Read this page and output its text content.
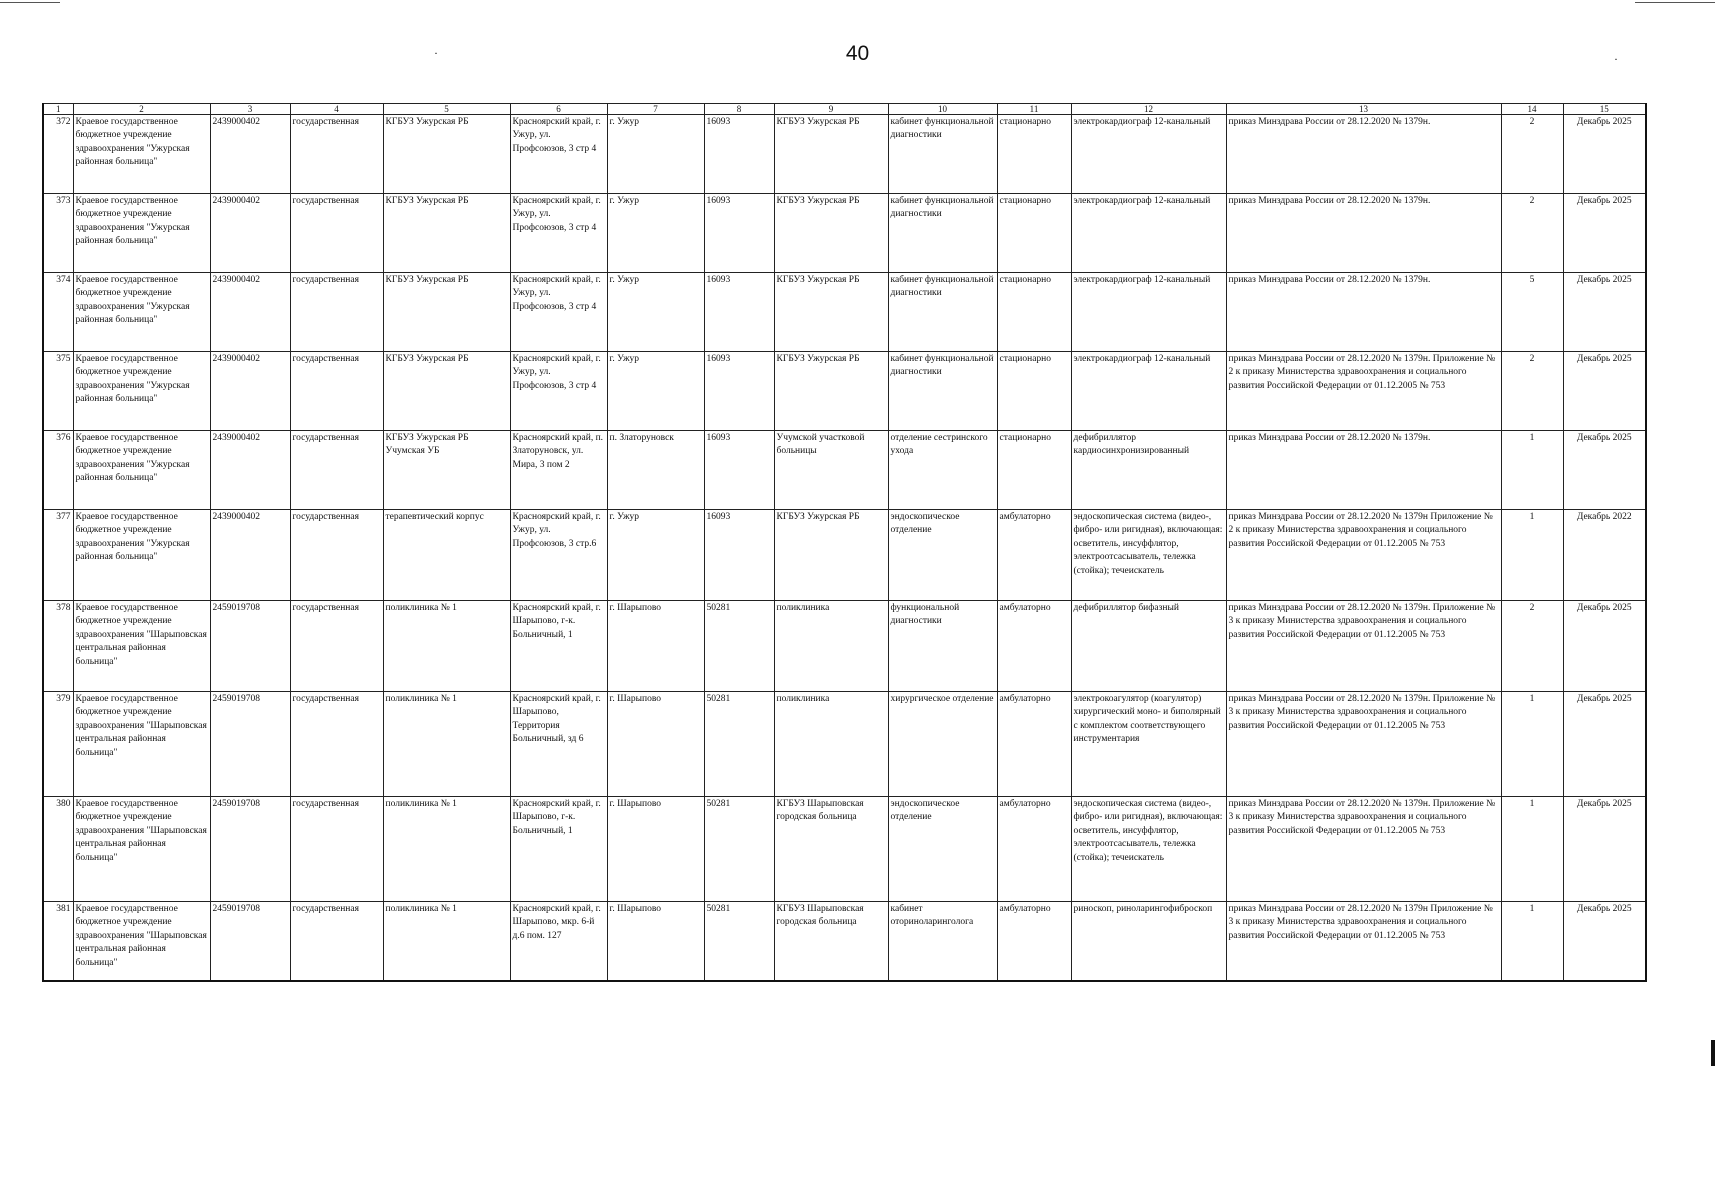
·	·
40
1	2	3	4	5	6	7	8	9	10	11	12	13	14	15
372	Краевое государственное бюджетное учреждение здравоохранения "Ужурская районная больница"	2439000402	государственная	КГБУЗ Ужурская РБ	Красноярский край, г. Ужур, ул. Профсоюзов, 3 стр 4	г. Ужур	16093	КГБУЗ Ужурская РБ	кабинет функциональной диагностики	стационарно	электрокардиограф 12-канальный	приказ Минздрава России от 28.12.2020 № 1379н.	2	Декабрь 2025
373	Краевое государственное бюджетное учреждение здравоохранения "Ужурская районная больница"	2439000402	государственная	КГБУЗ Ужурская РБ	Красноярский край, г. Ужур, ул. Профсоюзов, 3 стр 4	г. Ужур	16093	КГБУЗ Ужурская РБ	кабинет функциональной диагностики	стационарно	электрокардиограф 12-канальный	приказ Минздрава России от 28.12.2020 № 1379н.	2	Декабрь 2025
374	Краевое государственное бюджетное учреждение здравоохранения "Ужурская районная больница"	2439000402	государственная	КГБУЗ Ужурская РБ	Красноярский край, г. Ужур, ул. Профсоюзов, 3 стр 4	г. Ужур	16093	КГБУЗ Ужурская РБ	кабинет функциональной диагностики	стационарно	электрокардиограф 12-канальный	приказ Минздрава России от 28.12.2020 № 1379н.	5	Декабрь 2025
375	Краевое государственное бюджетное учреждение здравоохранения "Ужурская районная больница"	2439000402	государственная	КГБУЗ Ужурская РБ	Красноярский край, г. Ужур, ул. Профсоюзов, 3 стр 4	г. Ужур	16093	КГБУЗ Ужурская РБ	кабинет функциональной диагностики	стационарно	электрокардиограф 12-канальный	приказ Минздрава России от 28.12.2020 № 1379н. Приложение № 2 к приказу Министерства здравоохранения и социального развития Российской Федерации от 01.12.2005 № 753	2	Декабрь 2025
376	Краевое государственное бюджетное учреждение здравоохранения "Ужурская районная больница"	2439000402	государственная	КГБУЗ Ужурская РБ Учумская УБ	Красноярский край, п. Златоруновск, ул. Мира, 3 пом 2	п. Златоруновск	16093	Учумской участковой больницы	отделение сестринского ухода	стационарно	дефибриллятор кардиосинхронизированный	приказ Минздрава России от 28.12.2020 № 1379н.	1	Декабрь 2025
377	Краевое государственное бюджетное учреждение здравоохранения "Ужурская районная больница"	2439000402	государственная	терапевтический корпус	Красноярский край, г. Ужур, ул. Профсоюзов, 3 стр.6	г. Ужур	16093	КГБУЗ Ужурская РБ	эндоскопическое отделение	амбулаторно	эндоскопическая система (видео-, фибро- или ригидная), включающая: осветитель, инсуффлятор, электроотсасыватель, тележка (стойка); течеискатель	приказ Минздрава России от 28.12.2020 № 1379н Приложение № 2 к приказу Министерства здравоохранения и социального развития Российской Федерации от 01.12.2005 № 753	1	Декабрь 2022
378	Краевое государственное бюджетное учреждение здравоохранения "Шарыповская центральная районная больница"	2459019708	государственная	поликлиника № 1	Красноярский край, г. Шарыпово, г-к. Больничный, 1	г. Шарыпово	50281	поликлиника	функциональной диагностики	амбулаторно	дефибриллятор бифазный	приказ Минздрава России от 28.12.2020 № 1379н. Приложение № 3 к приказу Министерства здравоохранения и социального развития Российской Федерации от 01.12.2005 № 753	2	Декабрь 2025
379	Краевое государственное бюджетное учреждение здравоохранения "Шарыповская центральная районная больница"	2459019708	государственная	поликлиника № 1	Красноярский край, г. Шарыпово, Территория Больничный, зд 6	г. Шарыпово	50281	поликлиника	хирургическое отделение	амбулаторно	электрокоагулятор (коагулятор) хирургический моно- и биполярный с комплектом соответствующего инструментария	приказ Минздрава России от 28.12.2020 № 1379н. Приложение № 3 к приказу Министерства здравоохранения и социального развития Российской Федерации от 01.12.2005 № 753	1	Декабрь 2025
380	Краевое государственное бюджетное учреждение здравоохранения "Шарыповская центральная районная больница"	2459019708	государственная	поликлиника № 1	Красноярский край, г. Шарыпово, г-к. Больничный, 1	г. Шарыпово	50281	КГБУЗ Шарыповская городская больница	эндоскопическое отделение	амбулаторно	эндоскопическая система (видео-, фибро- или ригидная), включающая: осветитель, инсуффлятор, электроотсасыватель, тележка (стойка); течеискатель	приказ Минздрава России от 28.12.2020 № 1379н. Приложение № 3 к приказу Министерства здравоохранения и социального развития Российской Федерации от 01.12.2005 № 753	1	Декабрь 2025
381	Краевое государственное бюджетное учреждение здравоохранения "Шарыповская центральная районная больница"	2459019708	государственная	поликлиника № 1	Красноярский край, г. Шарыпово, мкр. 6-й д.6 пом. 127	г. Шарыпово	50281	КГБУЗ Шарыповская городская больница	кабинет оториноларинголога	амбулаторно	риноскоп, риноларингофиброскоп	приказ Минздрава России от 28.12.2020 № 1379н Приложение № 3 к приказу Министерства здравоохранения и социального развития Российской Федерации от 01.12.2005 № 753	1	Декабрь 2025
